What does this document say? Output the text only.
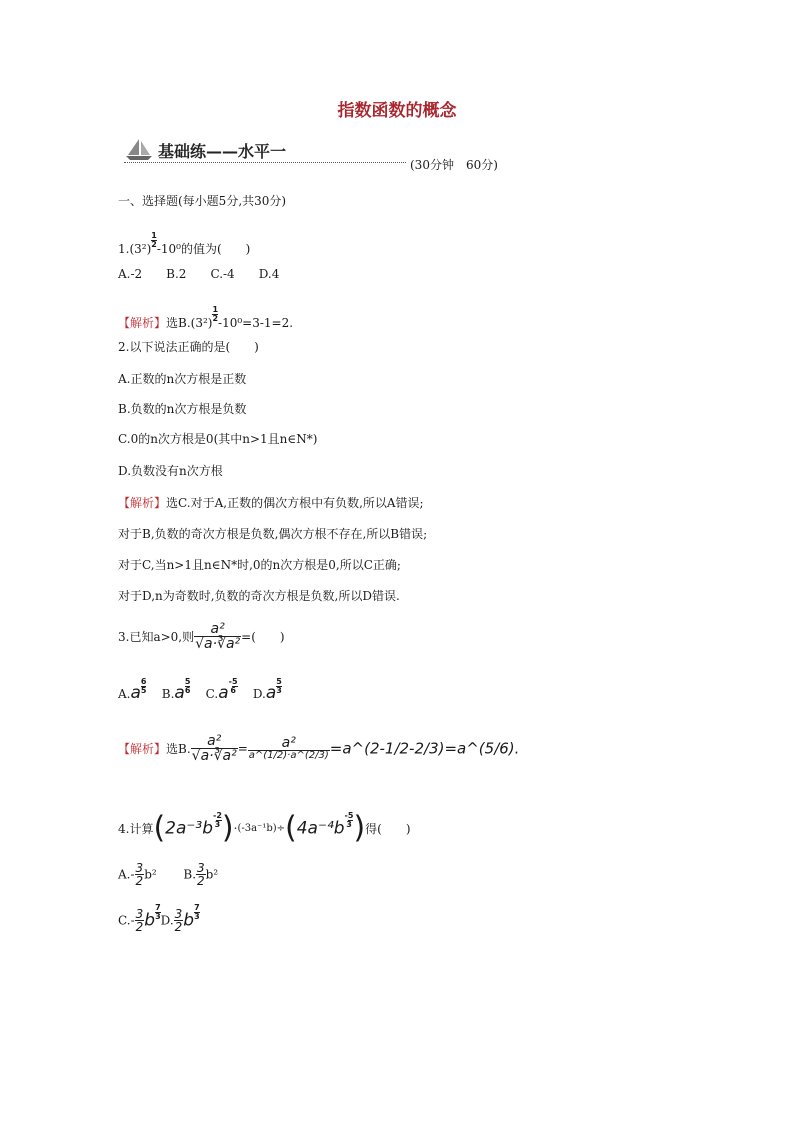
指数函数的概念
基础练——水平一
(30分钟　60分)
一、选择题(每小题5分,共30分)
$1.(3^2) \frac{1}{2} -10^0$的值为(　　)
A.-2　　B.2　　C.-4　　D.4
【解析】选$B.(3^2) \frac{1}{2} -10^0=3-1=2$.
2.以下说法正确的是(　　)
A.正数的n次方根是正数
B.负数的n次方根是负数
C.0的n次方根是0(其中n>1且n∈N*)
D.负数没有n次方根
【解析】选C.对于A,正数的偶次方根中有负数,所以A错误;
对于B,负数的奇次方根是负数,偶次方根不存在,所以B错误;
对于C,当n>1且n∈N*时,0的n次方根是0,所以C正确;
对于D,n为奇数时,负数的奇次方根是负数,所以D错误.
3.已知a>0,则 $\frac{\text{a²}}{\text{√a·∛a²}}$ =(　　)
$A.a \frac{6}{5} B.a \frac{5}{6} C.a-5$
6 $D.a \frac{5}{3}$
【解析】选B. $\frac{\text{a²}}{\text{√a·∛a²}} = \frac{\text{a²}}{a\^{}(1/2)\cdot a\^{}(2/3)}$ =a^(2-1/2-2/3)=a^(5/6).
4.计算(2a⁻³b-2
3 )·(-3a⁻¹b)÷(4a⁻⁴b-5
3 )得(　　)
$A.- \frac{3}{2} b^2$ B. $\frac{3}{2} b^2$
$C.- \frac{3}{2}$ b $\frac{7}{3} D$. $\frac{3}{2}$ b $\frac{7}{3}$
